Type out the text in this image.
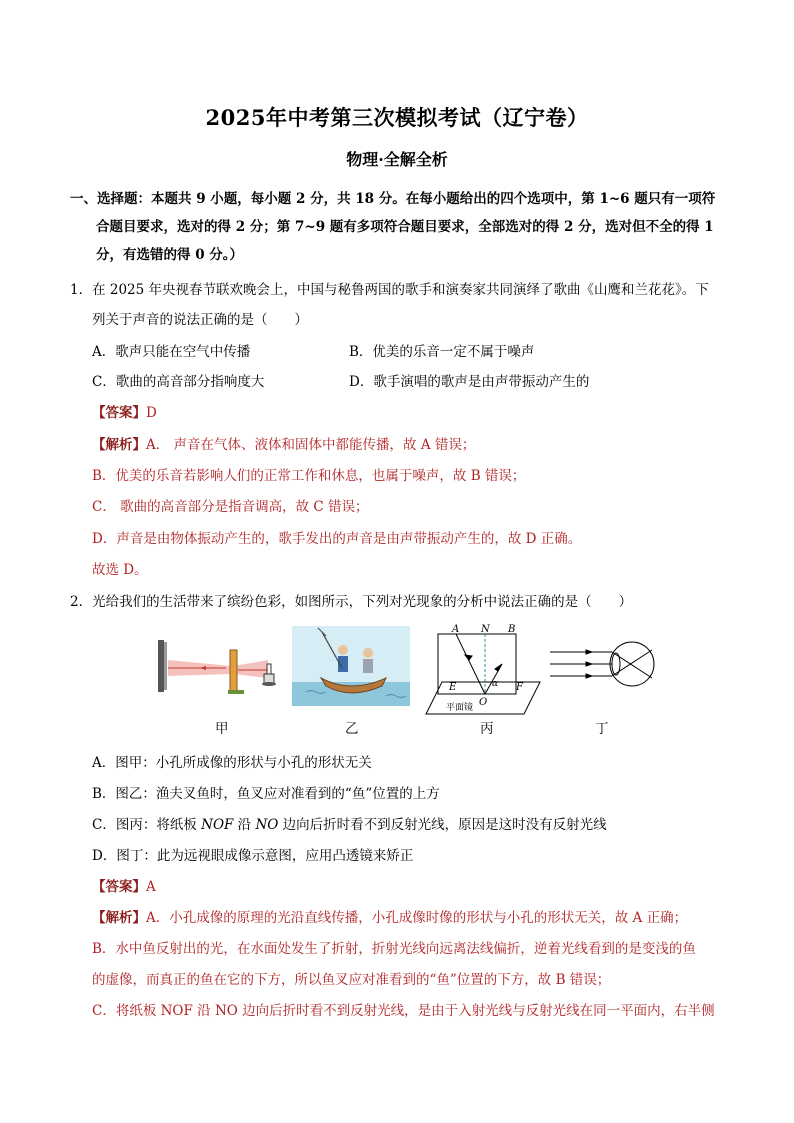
2025年中考第三次模拟考试（辽宁卷）
物理·全解全析
一、选择题：本题共 9 小题，每小题 2 分，共 18 分。在每小题给出的四个选项中，第 1~6 题只有一项符
合题目要求，选对的得 2 分；第 7~9 题有多项符合题目要求，全部选对的得 2 分，选对但不全的得 1
分，有选错的得 0 分。）
1．在 2025 年央视春节联欢晚会上，中国与秘鲁两国的歌手和演奏家共同演绎了歌曲《山鹰和兰花花》。下
列关于声音的说法正确的是（　　）
A．歌声只能在空气中传播	B．优美的乐音一定不属于噪声
C．歌曲的高音部分指响度大	D．歌手演唱的歌声是由声带振动产生的
【答案】D
【解析】A． 声音在气体、液体和固体中都能传播，故 A 错误；
B．优美的乐音若影响人们的正常工作和休息，也属于噪声，故 B 错误；
C． 歌曲的高音部分是指音调高，故 C 错误；
D．声音是由物体振动产生的，歌手发出的声音是由声带振动产生的，故 D 正确。
故选 D。
2．光给我们的生活带来了缤纷色彩，如图所示，下列对光现象的分析中说法正确的是（　　）
A N B
E
O
F
α
平面镜
甲	乙	丙	丁
A．图甲：小孔所成像的形状与小孔的形状无关
B．图乙：渔夫叉鱼时，鱼叉应对准看到的“鱼”位置的上方
C．图丙：将纸板 NOF 沿 NO 边向后折时看不到反射光线，原因是这时没有反射光线
D．图丁：此为远视眼成像示意图，应用凸透镜来矫正
【答案】A
【解析】A．小孔成像的原理的光沿直线传播，小孔成像时像的形状与小孔的形状无关，故 A 正确；
B．水中鱼反射出的光，在水面处发生了折射，折射光线向远离法线偏折，逆着光线看到的是变浅的鱼
的虚像，而真正的鱼在它的下方，所以鱼叉应对准看到的“鱼”位置的下方，故 B 错误；
C．将纸板 NOF 沿 NO 边向后折时看不到反射光线，是由于入射光线与反射光线在同一平面内，右半侧
